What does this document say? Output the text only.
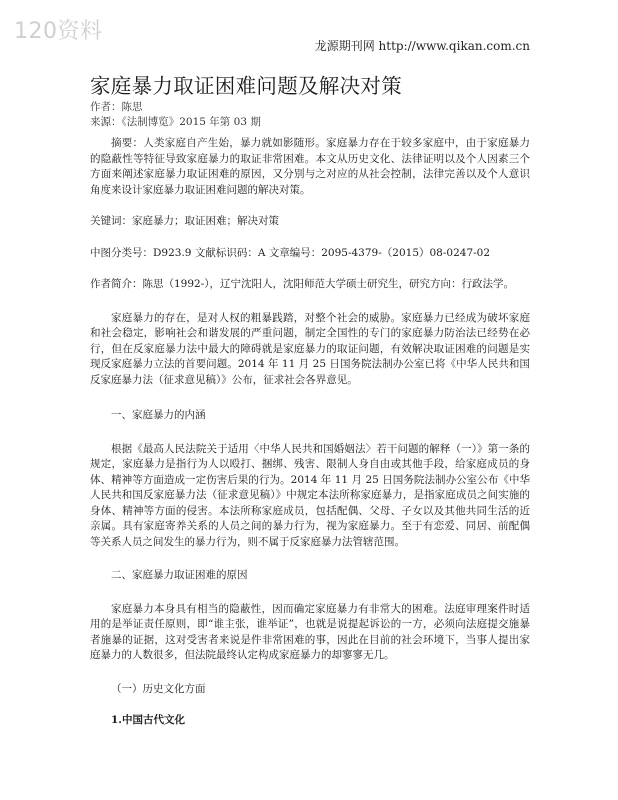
120资料
龙源期刊网 http://www.qikan.com.cn
家庭暴力取证困难问题及解决对策
作者：陈思
来源：《法制博览》2015 年第 03 期

摘要：人类家庭自产生始，暴力就如影随形。家庭暴力存在于较多家庭中，由于家庭暴力的隐蔽性等特征导致家庭暴力的取证非常困难。本文从历史文化、法律证明以及个人因素三个方面来阐述家庭暴力取证困难的原因，又分别与之对应的从社会控制，法律完善以及个人意识角度来设计家庭暴力取证困难问题的解决对策。

关键词：家庭暴力；取证困难；解决对策

中图分类号：D923.9 文献标识码：A 文章编号：2095-4379-（2015）08-0247-02

作者简介：陈思（1992-），辽宁沈阳人，沈阳师范大学硕士研究生，研究方向：行政法学。

家庭暴力的存在，是对人权的粗暴践踏，对整个社会的威胁。家庭暴力已经成为破坏家庭和社会稳定，影响社会和谐发展的严重问题，制定全国性的专门的家庭暴力防治法已经势在必行，但在反家庭暴力法中最大的障碍就是家庭暴力的取证问题，有效解决取证困难的问题是实现反家庭暴力立法的首要问题。2014 年 11 月 25 日国务院法制办公室已将《中华人民共和国反家庭暴力法（征求意见稿）》公布，征求社会各界意见。

一、家庭暴力的内涵

根据《最高人民法院关于适用〈中华人民共和国婚姻法〉若干问题的解释（一）》第一条的规定，家庭暴力是指行为人以殴打、捆绑、残害、限制人身自由或其他手段，给家庭成员的身体、精神等方面造成一定伤害后果的行为。2014 年 11 月 25 日国务院法制办公室公布《中华人民共和国反家庭暴力法（征求意见稿）》中规定本法所称家庭暴力，是指家庭成员之间实施的身体、精神等方面的侵害。本法所称家庭成员，包括配偶、父母、子女以及其他共同生活的近亲属。具有家庭寄养关系的人员之间的暴力行为，视为家庭暴力。至于有恋爱、同居、前配偶等关系人员之间发生的暴力行为，则不属于反家庭暴力法管辖范围。

二、家庭暴力取证困难的原因

家庭暴力本身具有相当的隐蔽性，因而确定家庭暴力有非常大的困难。法庭审理案件时适用的是举证责任原则，即“谁主张，谁举证”，也就是说提起诉讼的一方，必须向法庭提交施暴者施暴的证据，这对受害者来说是件非常困难的事，因此在目前的社会环境下，当事人提出家庭暴力的人数很多，但法院最终认定构成家庭暴力的却寥寥无几。

（一）历史文化方面

1.中国古代文化
